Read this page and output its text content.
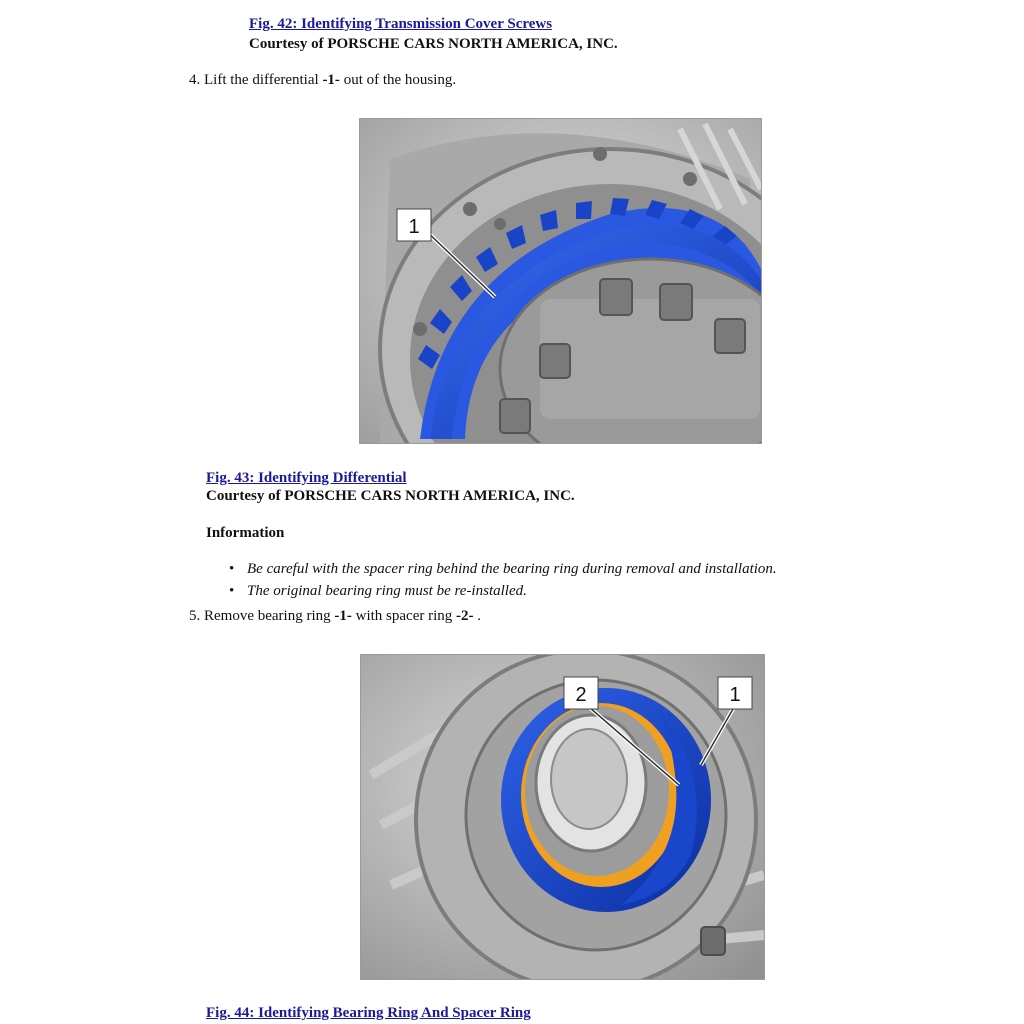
Fig. 42: Identifying Transmission Cover Screws
Courtesy of PORSCHE CARS NORTH AMERICA, INC.
4. Lift the differential -1- out of the housing.
1
Fig. 43: Identifying Differential
Courtesy of PORSCHE CARS NORTH AMERICA, INC.
Information
• Be careful with the spacer ring behind the bearing ring during removal and installation.
• The original bearing ring must be re-installed.
5. Remove bearing ring -1- with spacer ring -2- .
2	1
Fig. 44: Identifying Bearing Ring And Spacer Ring
